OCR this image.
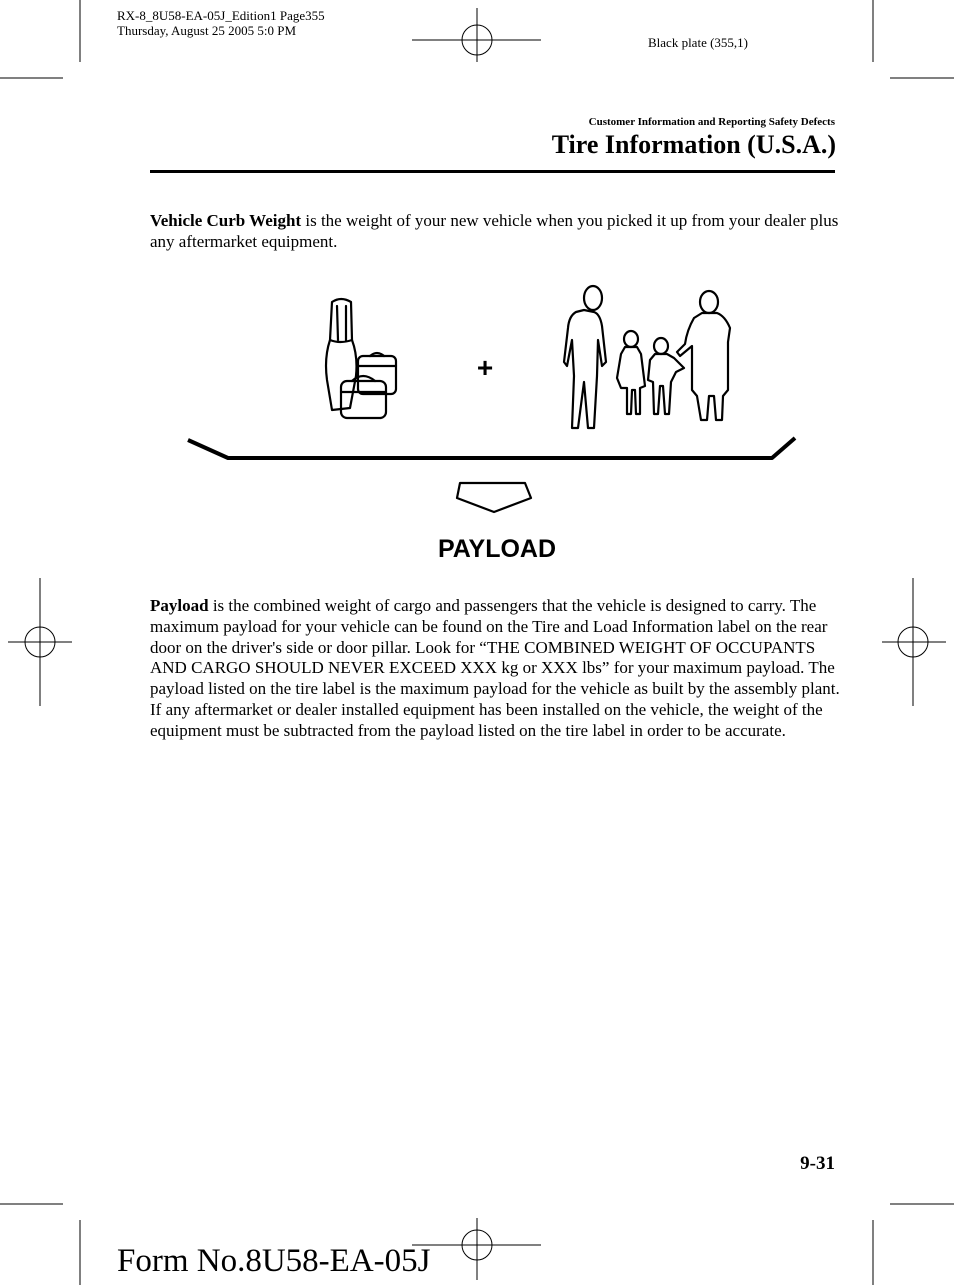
RX-8_8U58-EA-05J_Edition1 Page355
Thursday, August 25 2005 5:0 PM
Black plate (355,1)
Customer Information and Reporting Safety Defects
Tire Information (U.S.A.)
Vehicle Curb Weight is the weight of your new vehicle when you picked it up from your dealer plus any aftermarket equipment.
+
PAYLOAD
Payload is the combined weight of cargo and passengers that the vehicle is designed to carry. The maximum payload for your vehicle can be found on the Tire and Load Information label on the rear door on the driver's side or door pillar. Look for “THE COMBINED WEIGHT OF OCCUPANTS AND CARGO SHOULD NEVER EXCEED XXX kg or XXX lbs” for your maximum payload. The payload listed on the tire label is the maximum payload for the vehicle as built by the assembly plant. If any aftermarket or dealer installed equipment has been installed on the vehicle, the weight of the equipment must be subtracted from the payload listed on the tire label in order to be accurate.
9-31
Form No.8U58-EA-05J
